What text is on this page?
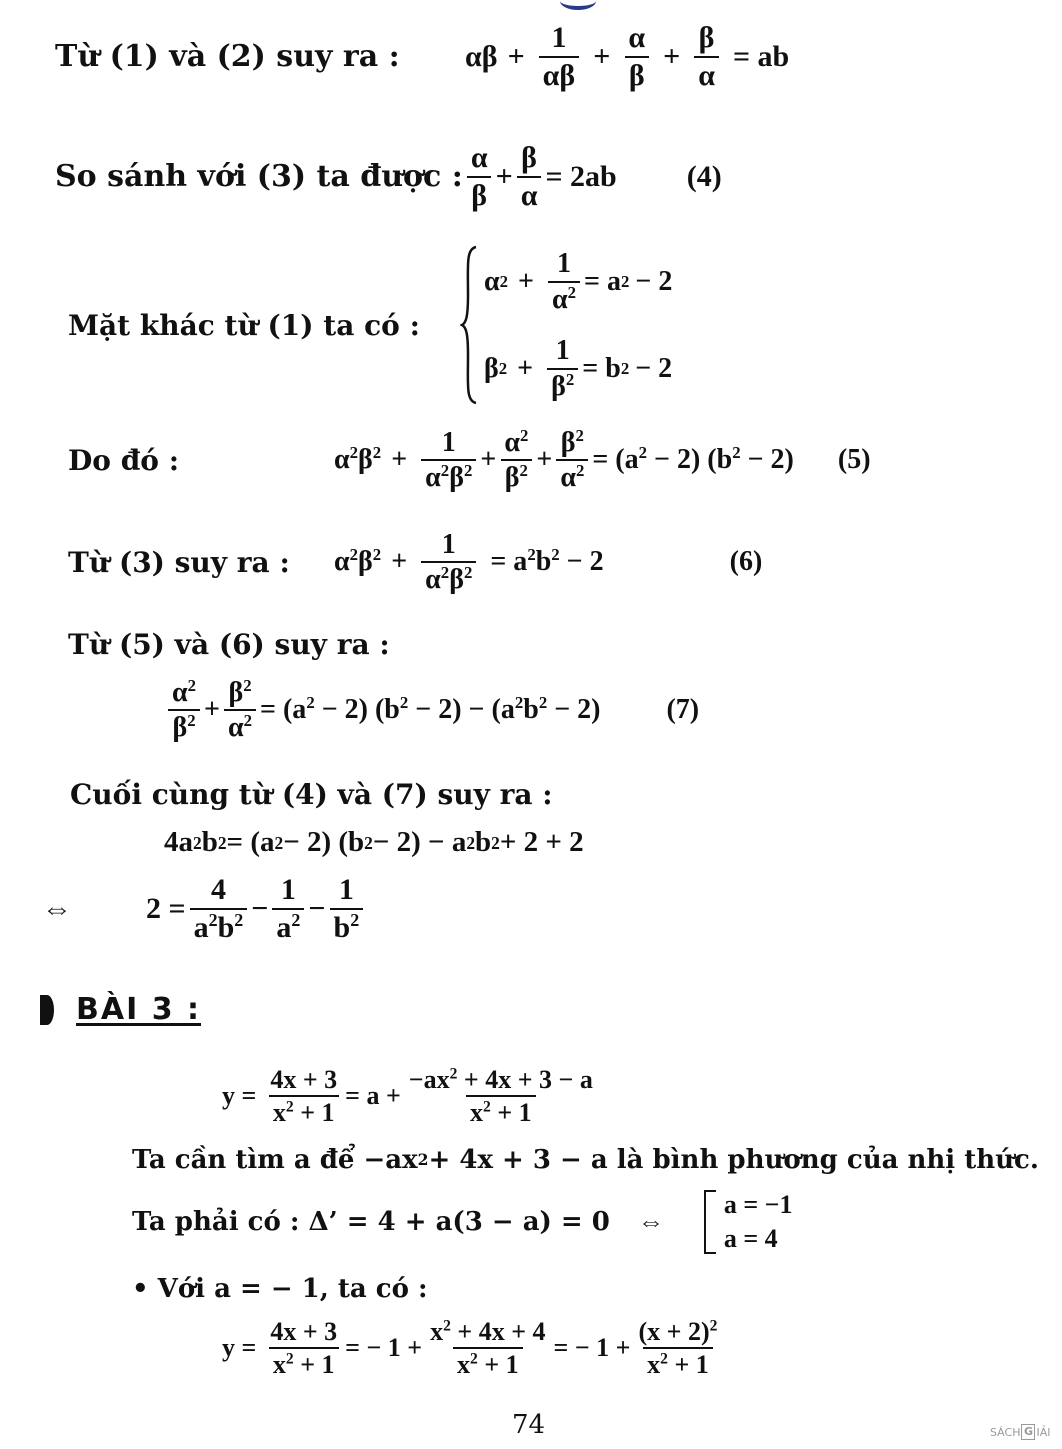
Từ (1) và (2) suy ra :	$\alpha\beta + \frac{1}{\alpha\beta} + \frac{\alpha}{\beta} + \frac{\beta}{\alpha}$ = ab
So sánh với (3) ta được : $\frac{\alpha}{\beta} + \frac{\beta}{\alpha} = 2ab$ (4)
Mặt khác từ (1) ta có :
α $2 + \frac{1}{\alpha^2} = a$ 2 − 2
β $2 + \frac{1}{\beta^2} = b$ 2 − 2
Do đó :	$\alpha^2\beta^2 + \frac{1}{\alpha^2\beta^2} + \frac{\alpha^2}{\beta^2} + \frac{\beta^2}{\alpha^2} = (a^2 - 2) (b^2 - 2)$ (5)
Từ (3) suy ra :	$\alpha^2\beta^2 + \frac{1}{\alpha^2\beta^2} = a^2b^2 - 2$	(6)
Từ (5) và (6) suy ra :
$\frac{\alpha^2}{\beta^2} + \frac{\beta^2}{\alpha^2} = (a^2 - 2) (b^2 - 2) - (a^2b^2 - 2)$ (7)
Cuối cùng từ (4) và (7) suy ra :
4a 2 b 2 = (a 2 − 2) (b 2 − 2) − a 2 b 2 + 2 + 2
⇔	$2 = \frac{4}{a^2b^2} - \frac{1}{a^2} - \frac{1}{b^2}$
BÀI 3 :
$y = \frac{4x + 3}{x^2 + 1} = a + \frac{-ax^2 + 4x + 3 - a}{x^2 + 1}$
Ta cần tìm a để −ax 2 + 4x + 3 − a là bình phương của nhị thức.
Ta phải có : Δ’ = 4 + a(3 − a) = 0 ⇔
a = −1
a = 4
• Với a = − 1, ta có :
$y = \frac{4x + 3}{x^2 + 1}$ = − $1 + \frac{x^2 + 4x + 4}{x^2 + 1}$ = − $1 + \frac{(x + 2)^2}{x^2 + 1}$
74	SÁCH G IẢI
